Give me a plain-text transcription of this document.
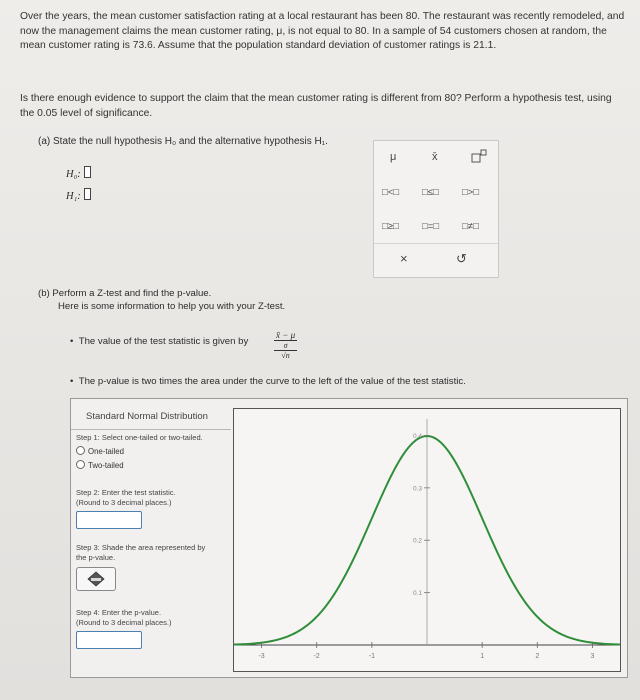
Over the years, the mean customer satisfaction rating at a local restaurant has been 80. The restaurant was recently remodeled, and now the management claims the mean customer rating, μ, is not equal to 80. In a sample of 54 customers chosen at random, the mean customer rating is 73.6. Assume that the population standard deviation of customer ratings is 21.1.
Is there enough evidence to support the claim that the mean customer rating is different from 80? Perform a hypothesis test, using the 0.05 level of significance.
(a) State the null hypothesis H₀ and the alternative hypothesis H₁.
H₀:
H₁:
μ	x̄
□<□ □≤□ □>□
□≥□ □=□ □≠□
×	↺
(b) Perform a Z-test and find the p-value.
Here is some information to help you with your Z-test.
•  The value of the test statistic is given by
x̄ − μ
σ
√n
•  The p-value is two times the area under the curve to the left of the value of the test statistic.
Standard Normal Distribution
Step 1: Select one-tailed or two-tailed.
One-tailed
Two-tailed
Step 2: Enter the test statistic.
(Round to 3 decimal places.)
Step 3: Shade the area represented by
the p-value.
Step 4: Enter the p-value.
(Round to 3 decimal places.)
-3	-2	-1	1	2	3
0.1
0.2
0.3
0.4
